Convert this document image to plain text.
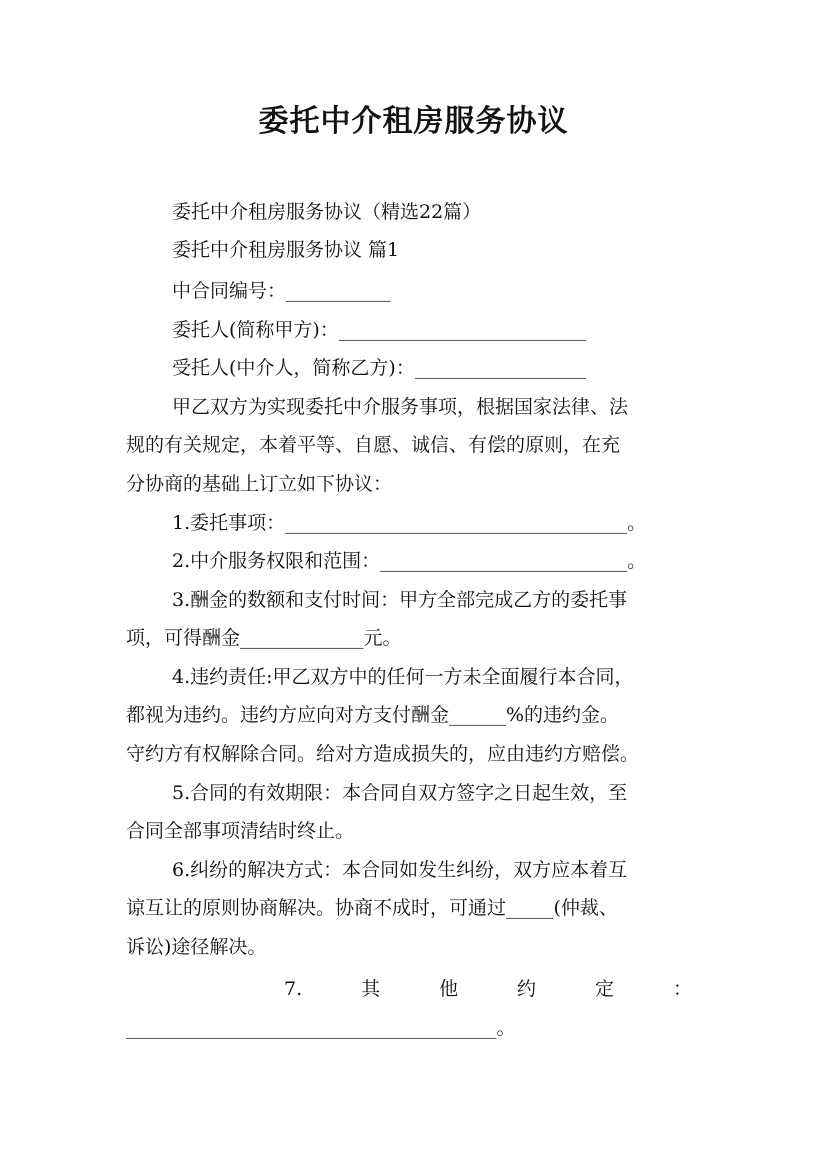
委托中介租房服务协议

委托中介租房服务协议（精选22篇）

委托中介租房服务协议 篇1

中合同编号：___________

委托人(简称甲方)：__________________________

受托人(中介人，简称乙方)：__________________

甲乙双方为实现委托中介服务事项，根据国家法律、法

规的有关规定，本着平等、自愿、诚信、有偿的原则，在充

分协商的基础上订立如下协议：

1.委托事项：____________________________________。

2.中介服务权限和范围：__________________________。

3.酬金的数额和支付时间：甲方全部完成乙方的委托事

项，可得酬金_____________元。

4.违约责任:甲乙双方中的任何一方未全面履行本合同，

都视为违约。违约方应向对方支付酬金______%的违约金。

守约方有权解除合同。给对方造成损失的，应由违约方赔偿。

5.合同的有效期限：本合同自双方签字之日起生效，至

合同全部事项清结时终止。

6.纠纷的解决方式：本合同如发生纠纷，双方应本着互

谅互让的原则协商解决。协商不成时，可通过_____(仲裁、

诉讼)途径解决。

7.	其	他	约	定	：

_______________________________________。
